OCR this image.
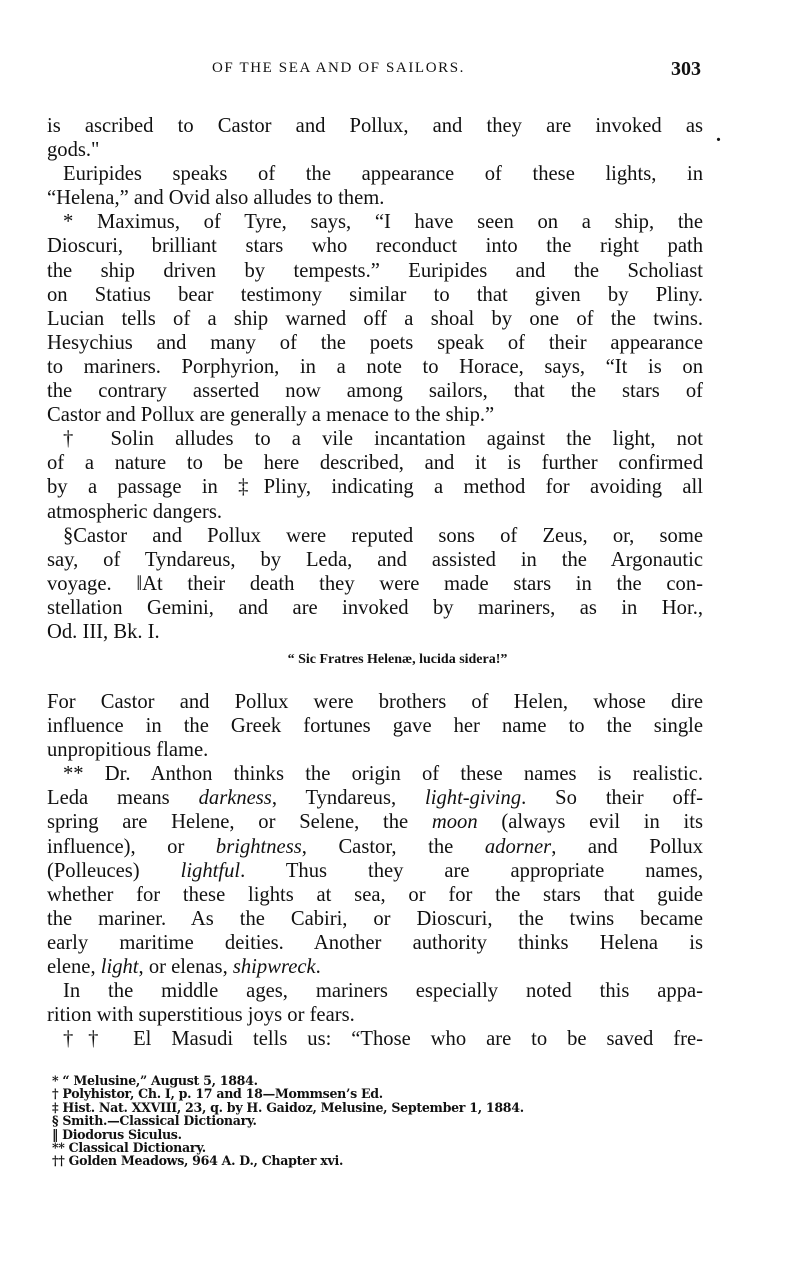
OF THE SEA AND OF SAILORS.	303
.
is ascribed to Castor and Pollux, and they are invoked as
gods."
Euripides speaks of the appearance of these lights, in
“Helena,” and Ovid also alludes to them.
* Maximus, of Tyre, says, “I have seen on a ship, the
Dioscuri, brilliant stars who reconduct into the right path
the ship driven by tempests.” Euripides and the Scholiast
on Statius bear testimony similar to that given by Pliny.
Lucian tells of a ship warned off a shoal by one of the twins.
Hesychius and many of the poets speak of their appearance
to mariners. Porphyrion, in a note to Horace, says, “It is on
the contrary asserted now among sailors, that the stars of
Castor and Pollux are generally a menace to the ship.”
† Solin alludes to a vile incantation against the light, not
of a nature to be here described, and it is further confirmed
by a passage in ‡Pliny, indicating a method for avoiding all
atmospheric dangers.
§Castor and Pollux were reputed sons of Zeus, or, some
say, of Tyndareus, by Leda, and assisted in the Argonautic
voyage. ‖At their death they were made stars in the con-
stellation Gemini, and are invoked by mariners, as in Hor.,
Od. III, Bk. I.
“ Sic Fratres Helenæ, lucida sidera!”
For Castor and Pollux were brothers of Helen, whose dire
influence in the Greek fortunes gave her name to the single
unpropitious flame.
** Dr. Anthon thinks the origin of these names is realistic.
Leda means darkness, Tyndareus, light-giving. So their off-
spring are Helene, or Selene, the moon (always evil in its
influence), or brightness, Castor, the adorner, and Pollux
(Polleuces) lightful. Thus they are appropriate names,
whether for these lights at sea, or for the stars that guide
the mariner. As the Cabiri, or Dioscuri, the twins became
early maritime deities. Another authority thinks Helena is
elene, light, or elenas, shipwreck.
In the middle ages, mariners especially noted this appa-
rition with superstitious joys or fears.
†† El Masudi tells us: “Those who are to be saved fre-
* “ Melusine,” August 5, 1884.
† Polyhistor, Ch. I, p. 17 and 18—Mommsen’s Ed.
‡ Hist. Nat. XXVIII, 23, q. by H. Gaidoz, Melusine, September 1, 1884.
§ Smith.—Classical Dictionary.
‖ Diodorus Siculus.
** Classical Dictionary.
†† Golden Meadows, 964 A. D., Chapter xvi.
